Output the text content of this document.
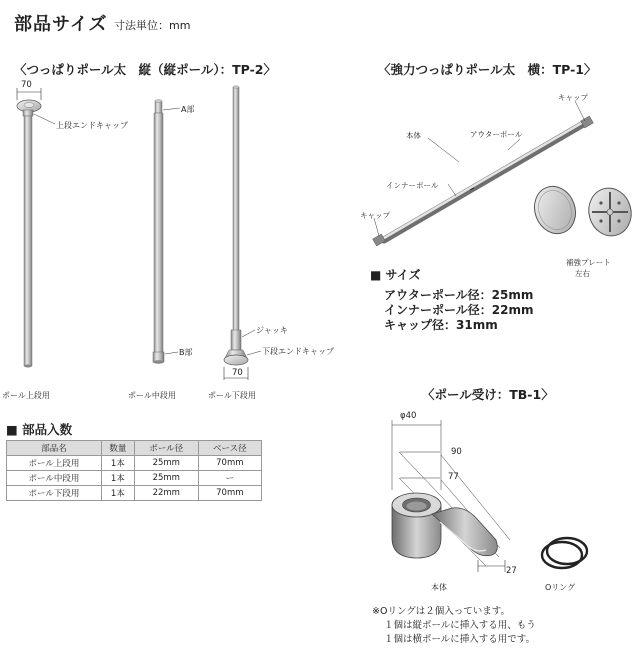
部品サイズ 寸法単位：mm
〈つっぱりポール太　縦（縦ポール）：TP-2〉
70
上段エンドキャップ
ポール上段用
A部
B部
ポール中段用
ジャッキ
下段エンドキャップ
70
ポール下段用
〈強力つっぱりポール太　横：TP-1〉
キャップ
本体	アウターポール
インナーポール
キャップ
補強プレート
左右
■ サイズ
アウターポール径：25mm
インナーポール径：22mm
キャップ径：31mm
■ 部品入数
部品名	数量	ポール径	ベース径
ポール上段用	1本	25mm	70mm
ポール中段用	1本	25mm	ー
ポール下段用	1本	22mm	70mm
〈ポール受け：TB-1〉
φ40
90
77
27
本体	Oリング
※Oリングは２個入っています。
１個は縦ポールに挿入する用、もう
１個は横ポールに挿入する用です。
